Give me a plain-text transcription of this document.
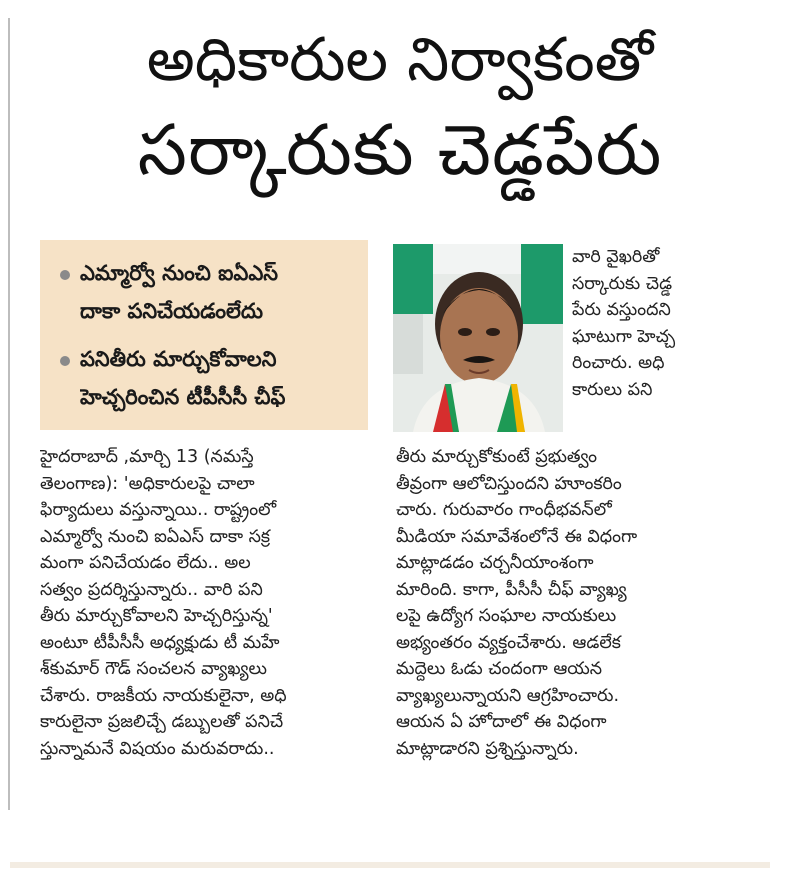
అధికారుల నిర్వాకంతో
సర్కారుకు చెడ్డపేరు
ఎమ్మార్వో నుంచి ఐఏఎస్
దాకా పనిచేయడంలేదు
పనితీరు మార్చుకోవాలని
హెచ్చరించిన టీపీసీసీ చీఫ్
వారి వైఖరితో
సర్కారుకు చెడ్డ
పేరు వస్తుందని
ఘాటుగా హెచ్చ
రించారు. అధి
కారులు పని
హైదరాబాద్ ,మార్చి 13 (నమస్తే
తెలంగాణ): 'అధికారులపై చాలా
ఫిర్యాదులు వస్తున్నాయి.. రాష్ట్రంలో
ఎమ్మార్వో నుంచి ఐఏఎస్ దాకా సక్ర
మంగా పనిచేయడం లేదు.. అల
సత్వం ప్రదర్శిస్తున్నారు.. వారి పని
తీరు మార్చుకోవాలని హెచ్చరిస్తున్న'
అంటూ టీపీసీసీ అధ్యక్షుడు టీ మహే
శ్‌కుమార్ గౌడ్ సంచలన వ్యాఖ్యలు
చేశారు. రాజకీయ నాయకులైనా, అధి
కారులైనా ప్రజలిచ్చే డబ్బులతో పనిచే
స్తున్నామనే విషయం మరువరాదు..
తీరు మార్చుకోకుంటే ప్రభుత్వం
తీవ్రంగా ఆలోచిస్తుందని హూంకరిం
చారు. గురువారం గాంధీభవన్‌లో
మీడియా సమావేశంలోనే ఈ విధంగా
మాట్లాడడం చర్చనీయాంశంగా
మారింది. కాగా, పీసీసీ చీఫ్ వ్యాఖ్య
లపై ఉద్యోగ సంఘాల నాయకులు
అభ్యంతరం వ్యక్తంచేశారు. ఆడలేక
మద్దెలు ఓడు చందంగా ఆయన
వ్యాఖ్యలున్నాయని ఆగ్రహించారు.
ఆయన ఏ హోదాలో ఈ విధంగా
మాట్లాడారని ప్రశ్నిస్తున్నారు.
